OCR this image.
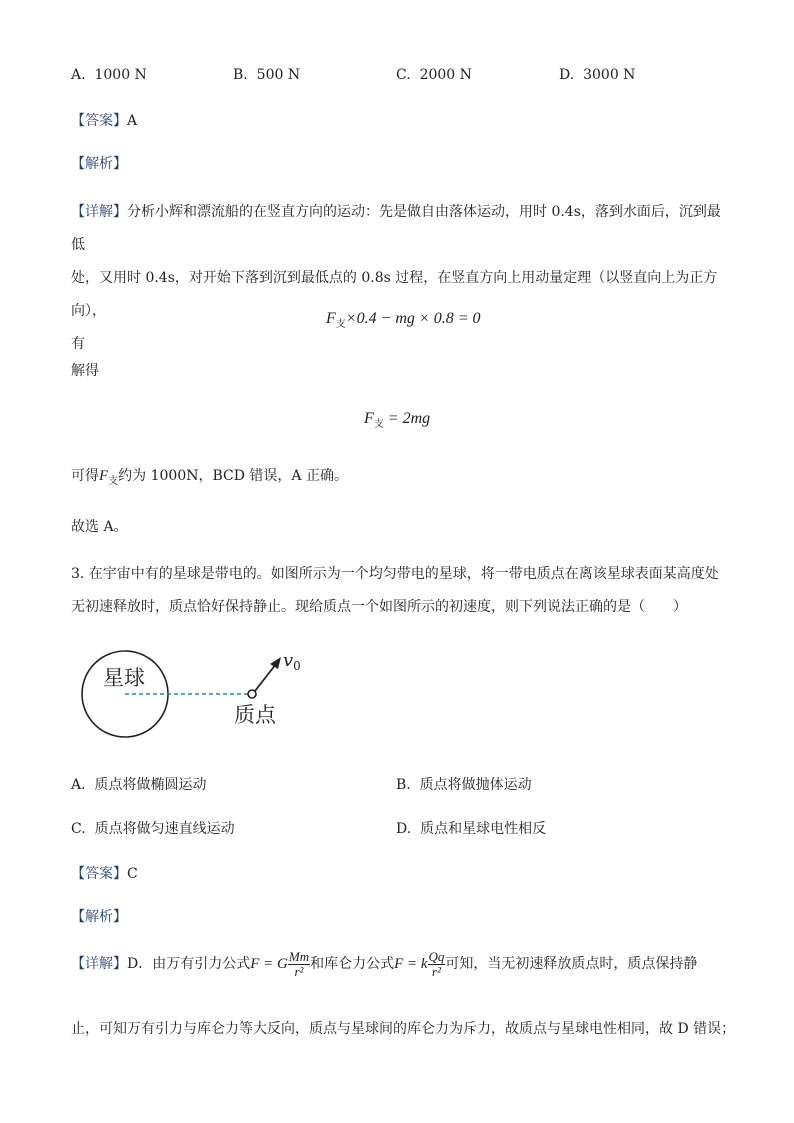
A. 1000 N	B. 500 N	C. 2000 N	D. 3000 N
【答案】A
【解析】
【详解】分析小辉和漂流船的在竖直方向的运动：先是做自由落体运动，用时 0.4s，落到水面后，沉到最低
处，又用时 0.4s，对开始下落到沉到最低点的 0.8s 过程，在竖直方向上用动量定理（以竖直向上为正方向），
有
$F_支\times 0.4$ − mg × 0.8 = 0
解得
$F_支 = 2mg$
可得$F_支$约为 1000N，BCD 错误，A 正确。
故选 A。
3. 在宇宙中有的星球是带电的。如图所示为一个均匀带电的星球，将一带电质点在离该星球表面某高度处
无初速释放时，质点恰好保持静止。现给质点一个如图所示的初速度，则下列说法正确的是（　　）
星球
质点
$v_0$
A. 质点将做椭圆运动	B. 质点将做抛体运动
C. 质点将做匀速直线运动	D. 质点和星球电性相反
【答案】C
【解析】
【详解】D．由万有引力公式F = G $\frac{Mm}{\text{r²}}$ 和库仑力公式F = k $\frac{Qq}{\text{r²}}$ 可知，当无初速释放质点时，质点保持静
止，可知万有引力与库仑力等大反向，质点与星球间的库仑力为斥力，故质点与星球电性相同，故 D 错误；
